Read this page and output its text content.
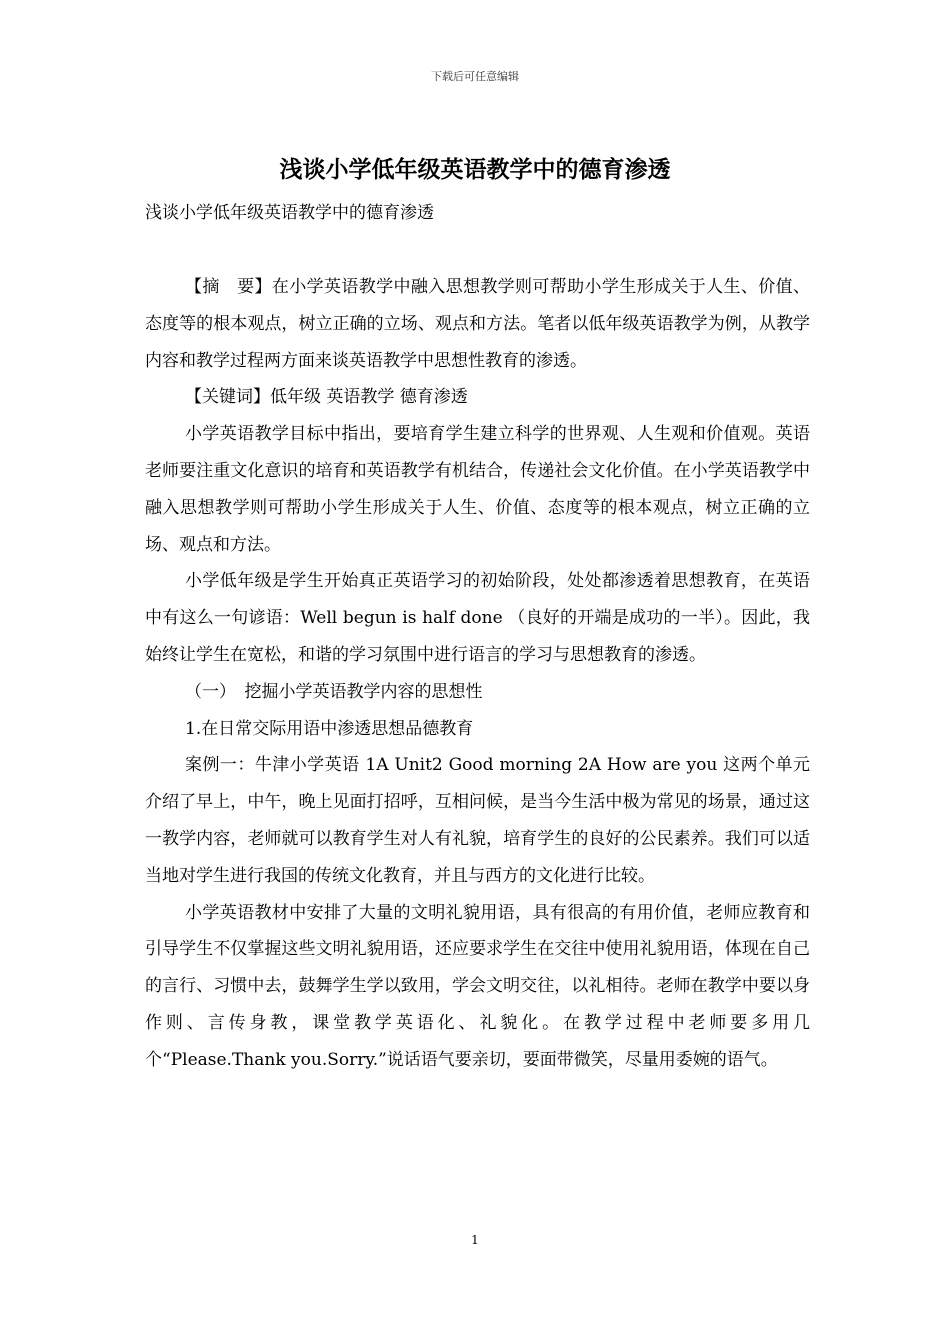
下载后可任意编辑
浅谈小学低年级英语教学中的德育渗透

浅谈小学低年级英语教学中的德育渗透

【摘　要】在小学英语教学中融入思想教学则可帮助小学生形成关于人生、价值、态度等的根本观点，树立正确的立场、观点和方法。笔者以低年级英语教学为例，从教学内容和教学过程两方面来谈英语教学中思想性教育的渗透。

【关键词】低年级 英语教学 德育渗透

小学英语教学目标中指出，要培育学生建立科学的世界观、人生观和价值观。英语老师要注重文化意识的培育和英语教学有机结合，传递社会文化价值。在小学英语教学中融入思想教学则可帮助小学生形成关于人生、价值、态度等的根本观点，树立正确的立场、观点和方法。

小学低年级是学生开始真正英语学习的初始阶段，处处都渗透着思想教育，在英语中有这么一句谚语：Well begun is half done （良好的开端是成功的一半）。因此，我始终让学生在宽松，和谐的学习氛围中进行语言的学习与思想教育的渗透。

（一）　挖掘小学英语教学内容的思想性

1.在日常交际用语中渗透思想品德教育

案例一：牛津小学英语 1A Unit2 Good morning 2A How are you 这两个单元介绍了早上，中午，晚上见面打招呼，互相问候，是当今生活中极为常见的场景，通过这一教学内容，老师就可以教育学生对人有礼貌，培育学生的良好的公民素养。我们可以适当地对学生进行我国的传统文化教育，并且与西方的文化进行比较。

小学英语教材中安排了大量的文明礼貌用语，具有很高的有用价值，老师应教育和引导学生不仅掌握这些文明礼貌用语，还应要求学生在交往中使用礼貌用语，体现在自己的言行、习惯中去，鼓舞学生学以致用，学会文明交往，以礼相待。老师在教学中要以身作则、言传身教，课堂教学英语化、礼貌化。在教学过程中老师要多用几个“Please.Thank you.Sorry.”说话语气要亲切，要面带微笑，尽量用委婉的语气。

1
